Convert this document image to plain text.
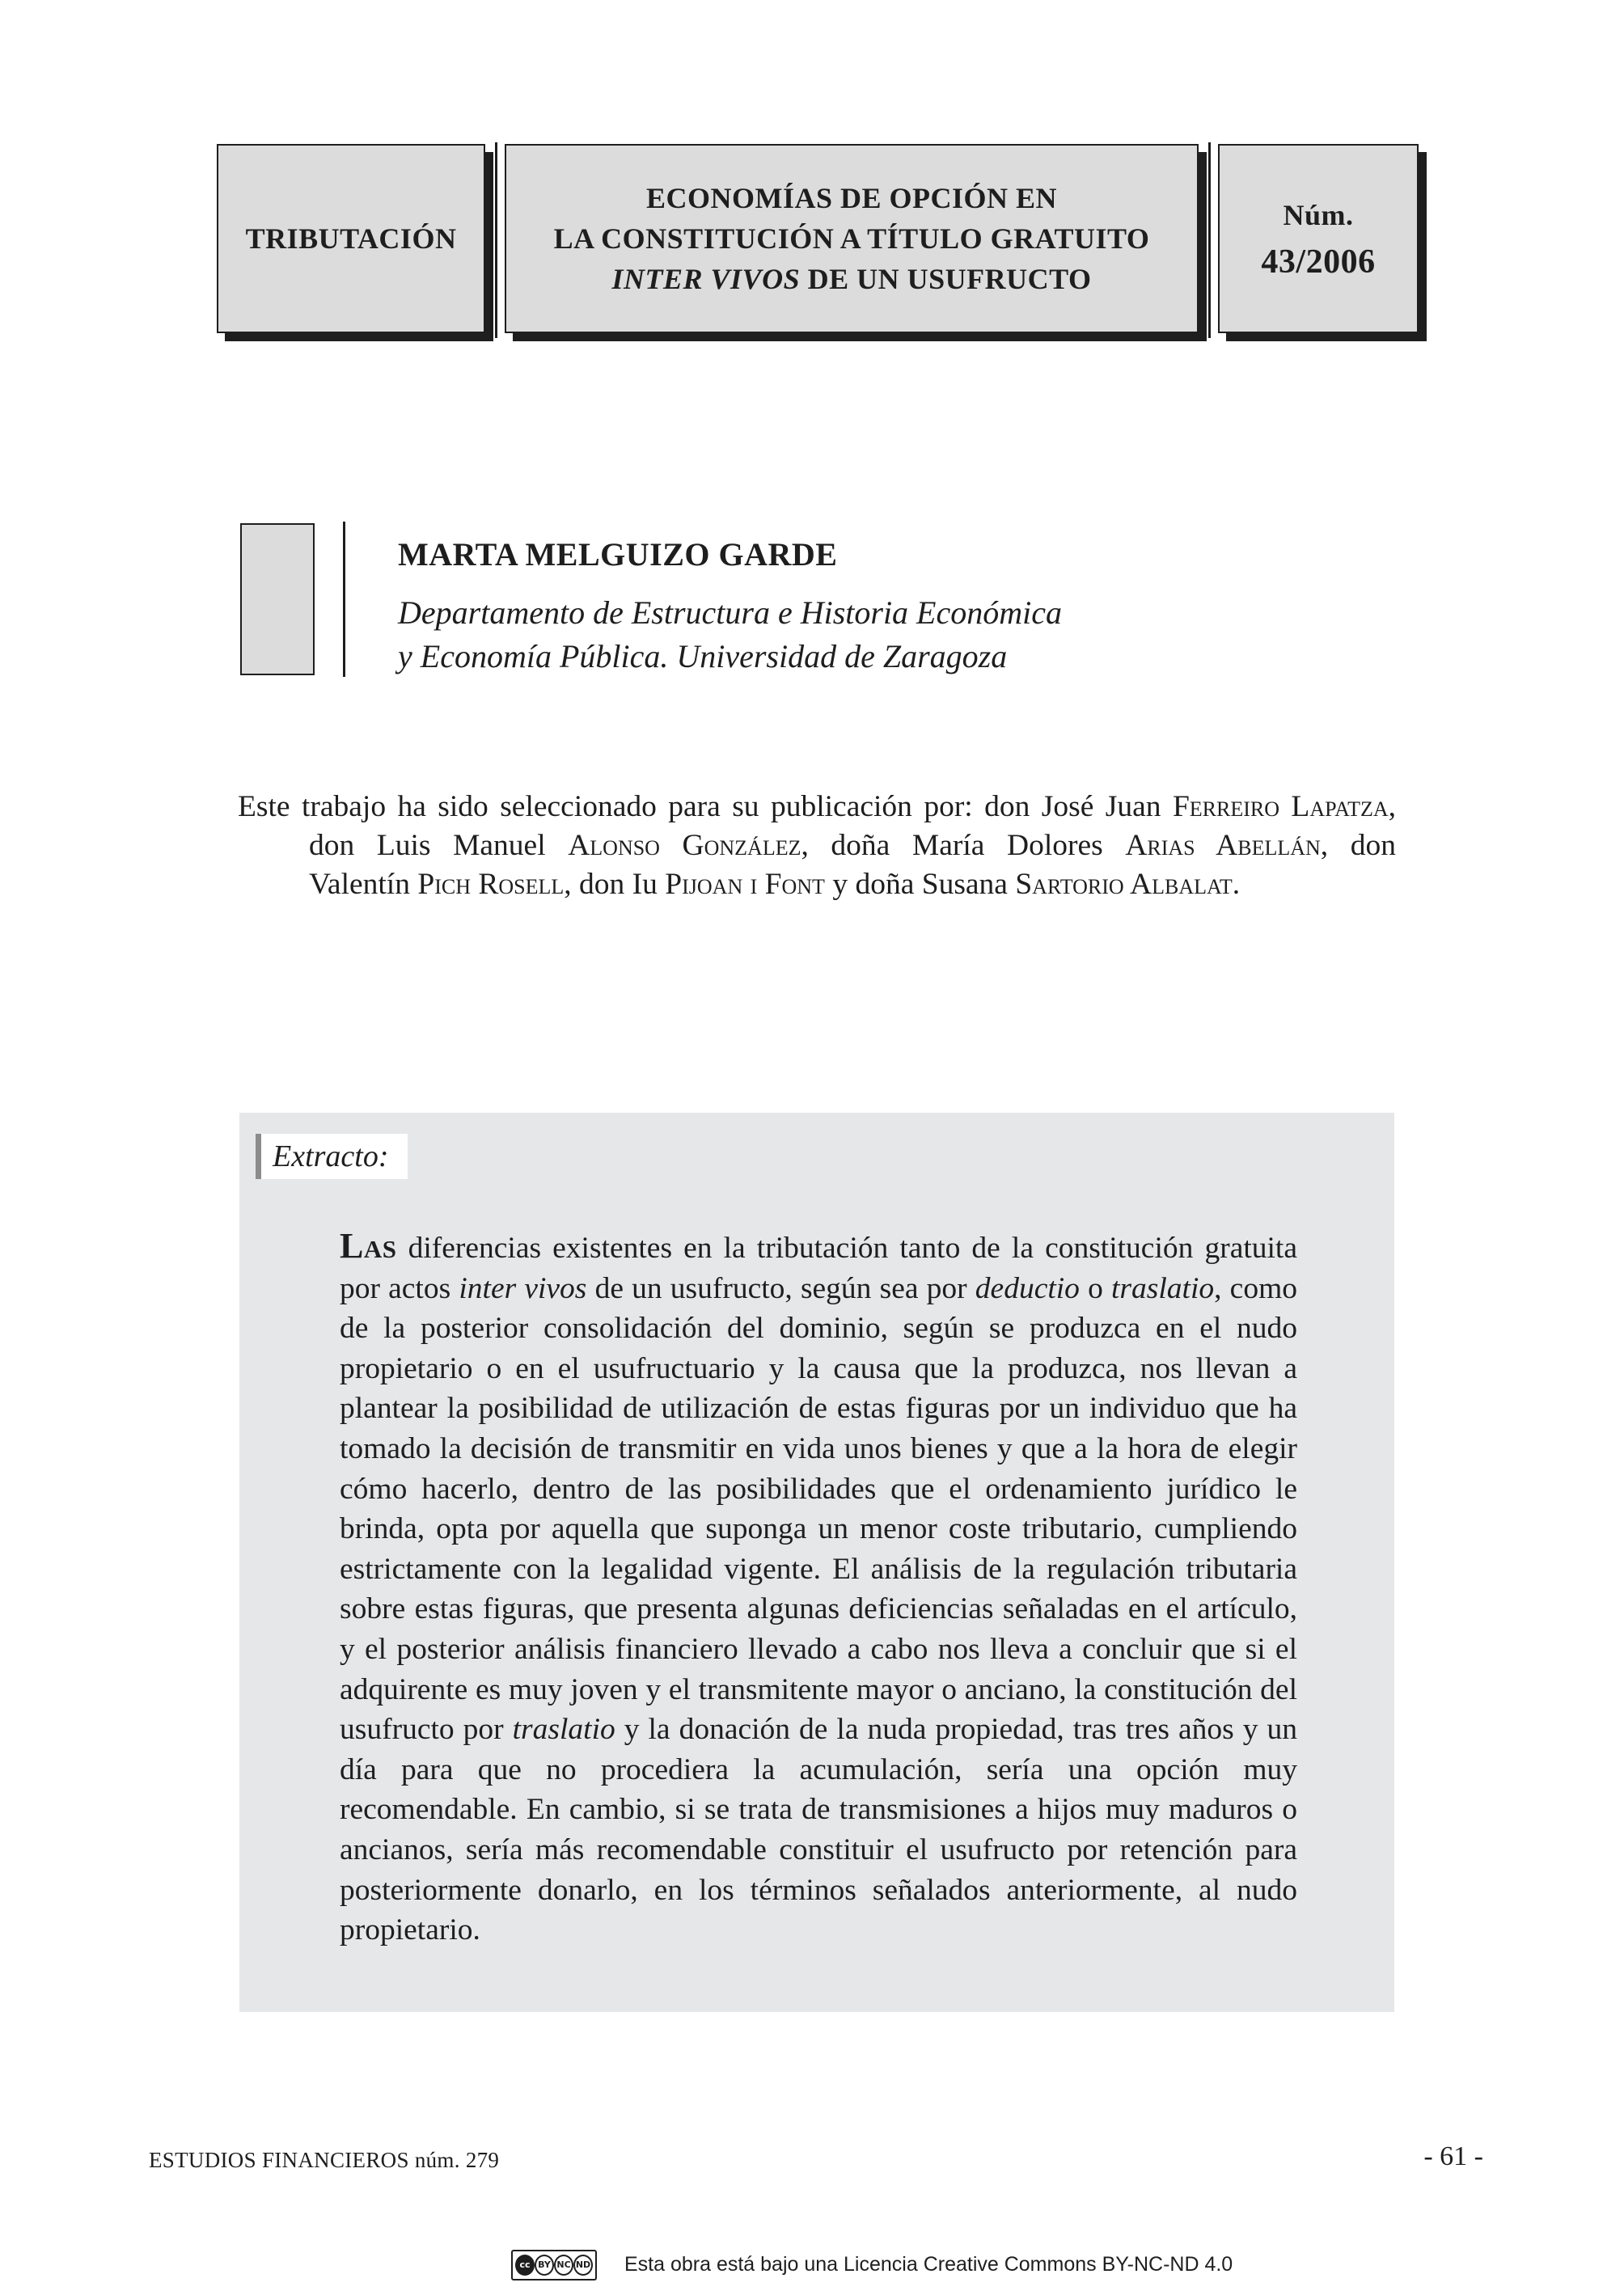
TRIBUTACIÓN
ECONOMÍAS DE OPCIÓN EN
LA CONSTITUCIÓN A TÍTULO GRATUITO
INTER VIVOS DE UN USUFRUCTO
Núm.
43/2006
MARTA MELGUIZO GARDE
Departamento de Estructura e Historia Económica
y Economía Pública. Universidad de Zaragoza
Este trabajo ha sido seleccionado para su publicación por: don José Juan Ferreiro Lapatza,
don Luis Manuel Alonso González, doña María Dolores Arias Abellán, don
Valentín Pich Rosell, don Iu Pijoan i Font y doña Susana Sartorio Albalat.
Extracto:
Las diferencias existentes en la tributación tanto de la constitución gratuita por actos inter vivos de un usufructo, según sea por deductio o traslatio, como de la posterior consolidación del dominio, según se produzca en el nudo propietario o en el usufructuario y la causa que la produzca, nos llevan a plantear la posibilidad de utilización de estas figuras por un individuo que ha tomado la decisión de transmitir en vida unos bienes y que a la hora de elegir cómo hacerlo, dentro de las posibilidades que el ordenamiento jurídico le brinda, opta por aquella que suponga un menor coste tributario, cumpliendo estrictamente con la legalidad vigente. El análisis de la regulación tributaria sobre estas figuras, que presenta algunas deficiencias señaladas en el artículo, y el posterior análisis financiero llevado a cabo nos lleva a concluir que si el adquirente es muy joven y el transmitente mayor o anciano, la constitución del usufructo por traslatio y la donación de la nuda propiedad, tras tres años y un día para que no procediera la acumulación, sería una opción muy recomendable. En cambio, si se trata de transmisiones a hijos muy maduros o ancianos, sería más recomendable constituir el usufructo por retención para posteriormente donarlo, en los términos señalados anteriormente, al nudo propietario.
ESTUDIOS FINANCIEROS núm. 279	- 61 -
cc BY NC ND Esta obra está bajo una Licencia Creative Commons BY-NC-ND 4.0
